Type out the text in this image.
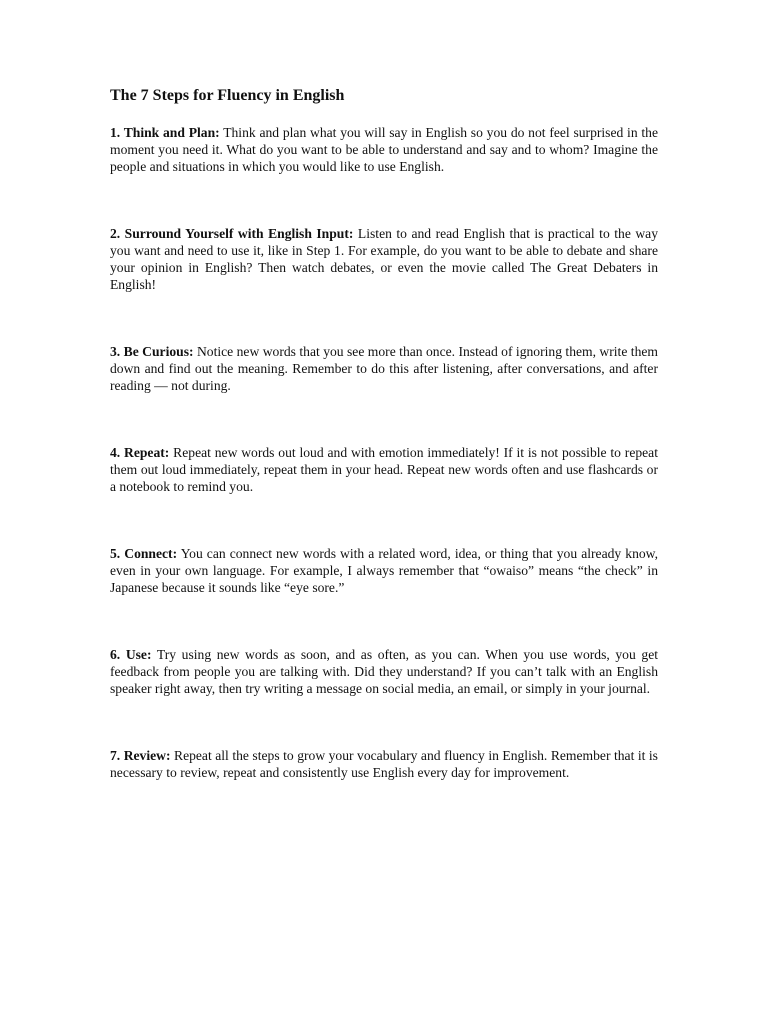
The 7 Steps for Fluency in English

1. Think and Plan: Think and plan what you will say in English so you do not feel surprised in the moment you need it. What do you want to be able to understand and say and to whom? Imagine the people and situations in which you would like to use English.

2. Surround Yourself with English Input: Listen to and read English that is practical to the way you want and need to use it, like in Step 1. For example, do you want to be able to debate and share your opinion in English? Then watch debates, or even the movie called The Great Debaters in English!

3. Be Curious: Notice new words that you see more than once. Instead of ignoring them, write them down and find out the meaning. Remember to do this after listening, after conversations, and after reading — not during.

4. Repeat: Repeat new words out loud and with emotion immediately! If it is not possible to repeat them out loud immediately, repeat them in your head. Repeat new words often and use flashcards or a notebook to remind you.

5. Connect: You can connect new words with a related word, idea, or thing that you already know, even in your own language. For example, I always remember that “owaiso” means “the check” in Japanese because it sounds like “eye sore.”

6. Use: Try using new words as soon, and as often, as you can. When you use words, you get feedback from people you are talking with. Did they understand? If you can’t talk with an English speaker right away, then try writing a message on social media, an email, or simply in your journal.

7. Review: Repeat all the steps to grow your vocabulary and fluency in English. Remember that it is necessary to review, repeat and consistently use English every day for improvement.
